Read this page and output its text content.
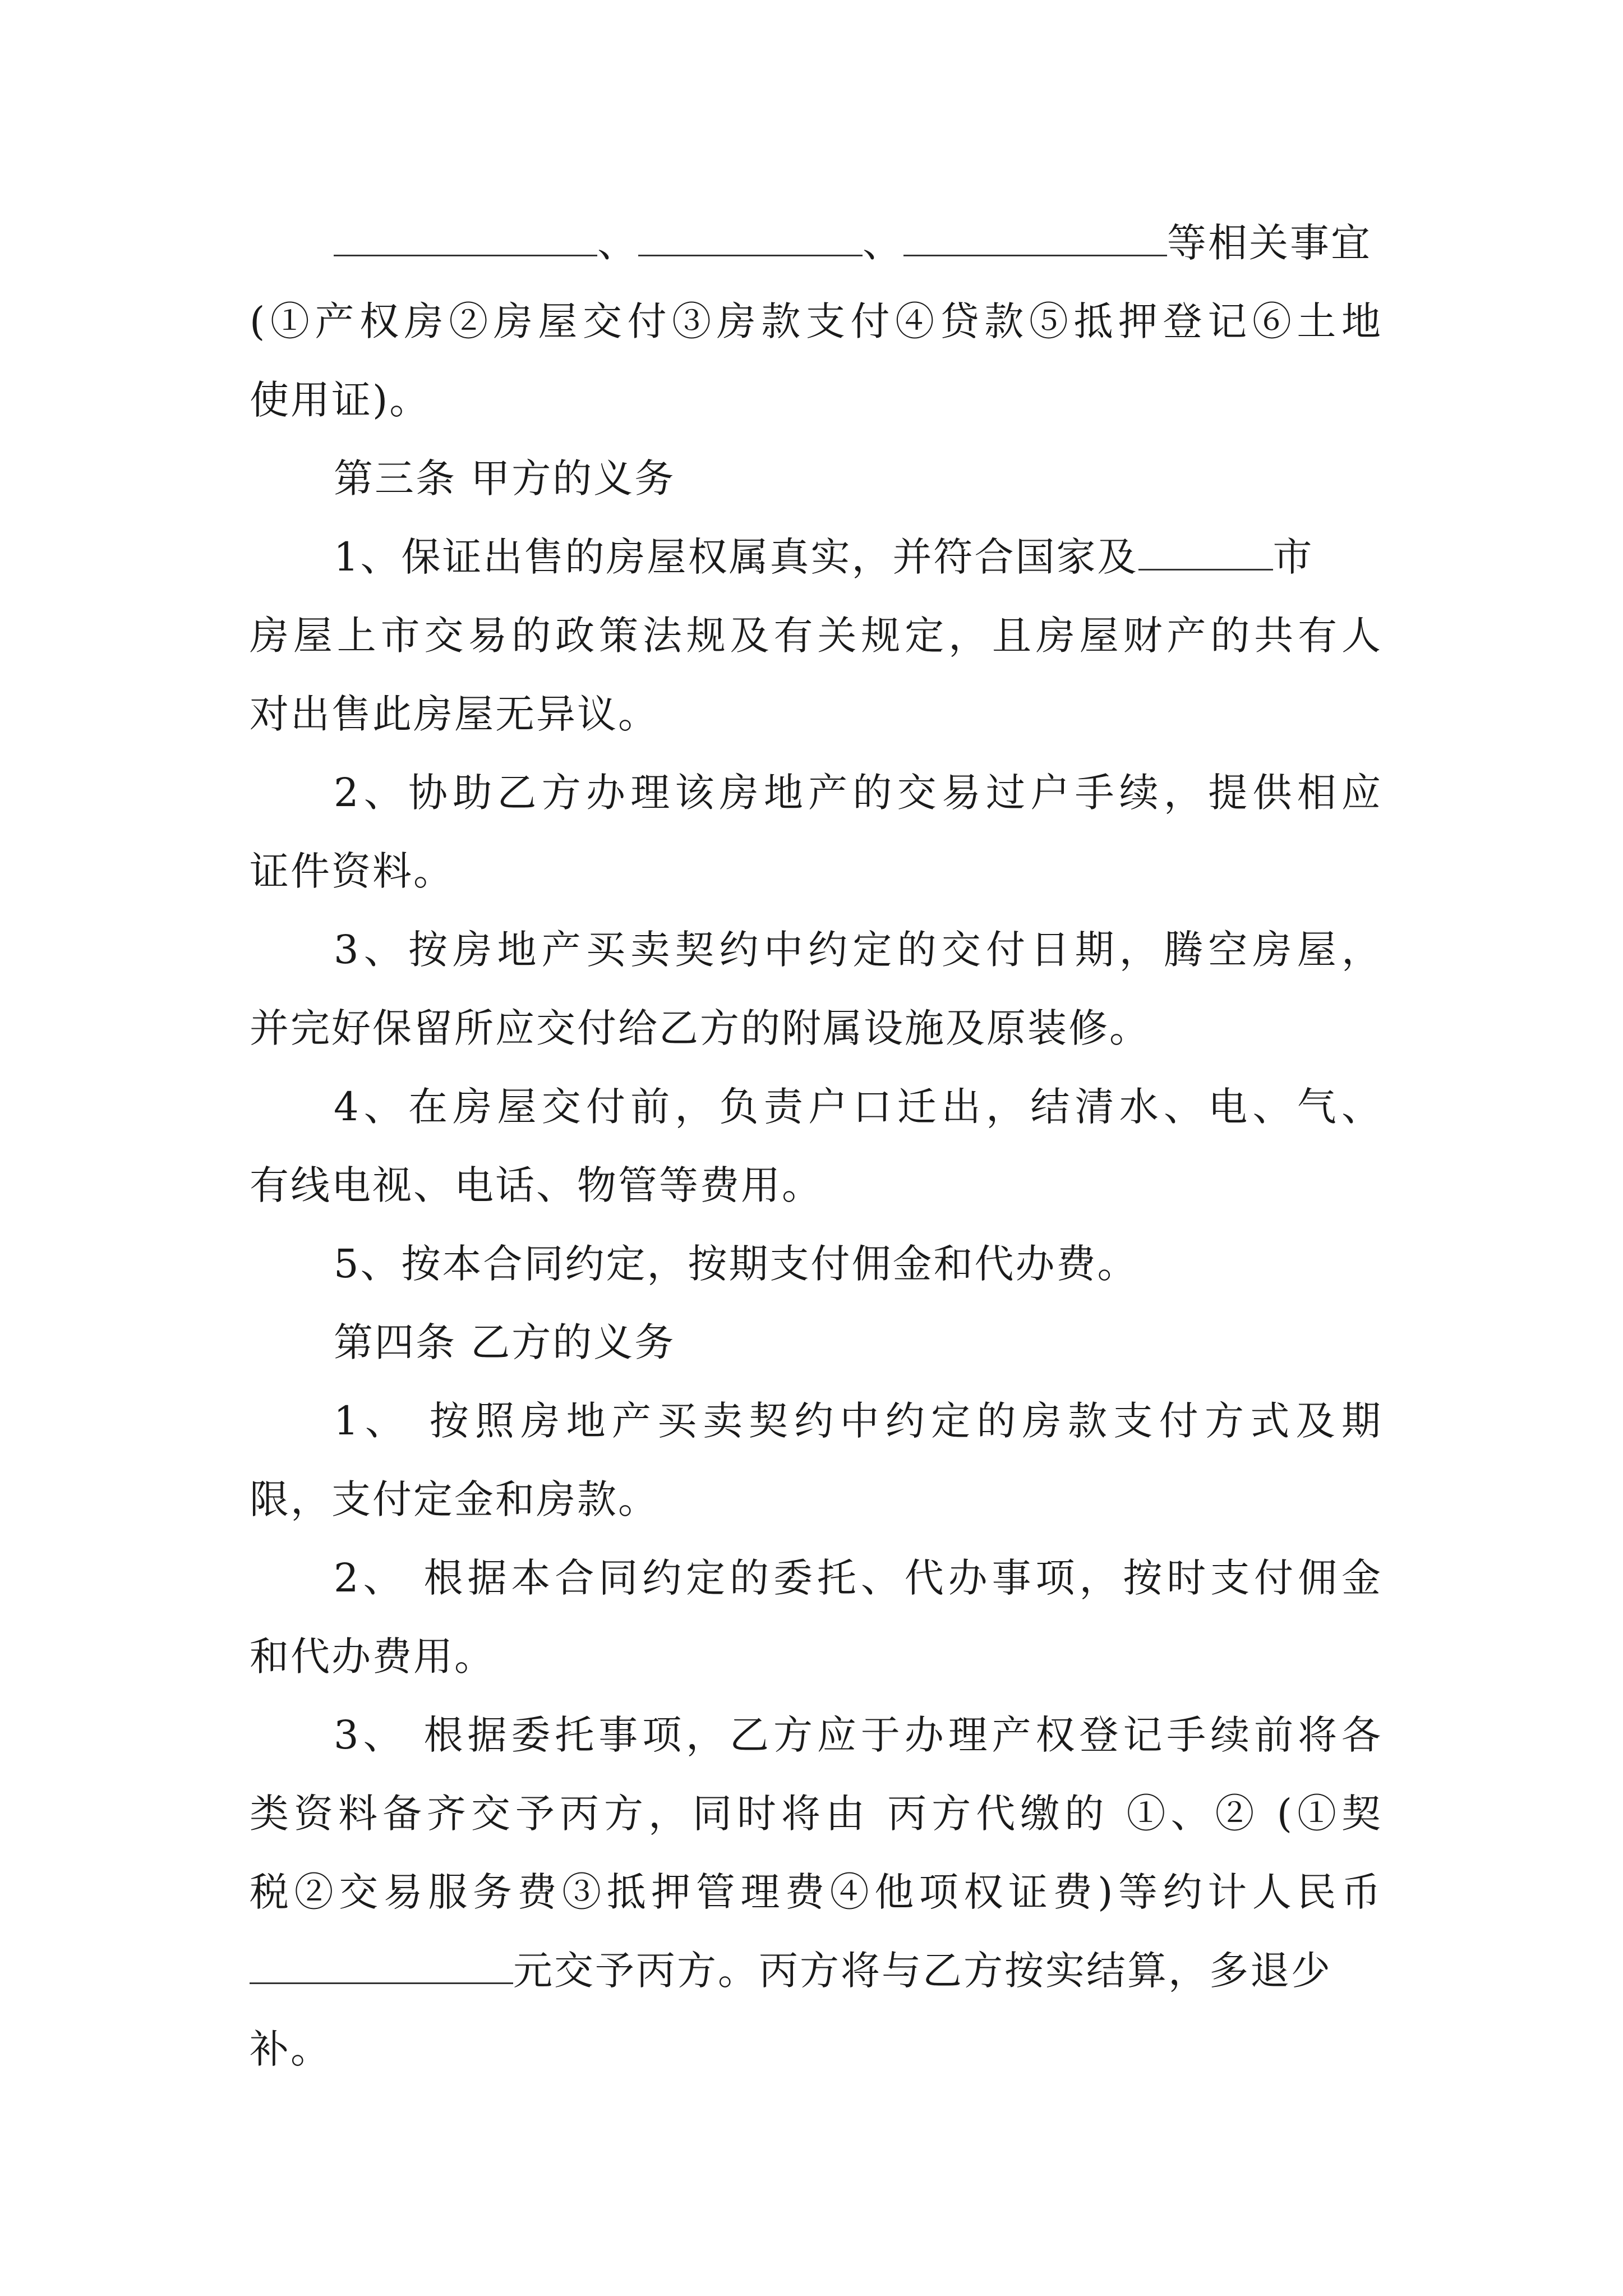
、	、	等相关事宜
(①产权房②房屋交付③房款支付④贷款⑤抵押登记⑥土地
使用证)。
第三条 甲方的义务
1、保证出售的房屋权属真实，并符合国家及	市
房屋上市交易的政策法规及有关规定，且房屋财产的共有人
对出售此房屋无异议。
2、协助乙方办理该房地产的交易过户手续，提供相应
证件资料。
3、按房地产买卖契约中约定的交付日期，腾空房屋，
并完好保留所应交付给乙方的附属设施及原装修。
4、在房屋交付前，负责户口迁出，结清水、电、气、
有线电视、电话、物管等费用。
5、按本合同约定，按期支付佣金和代办费。
第四条 乙方的义务
1、 按照房地产买卖契约中约定的房款支付方式及期
限，支付定金和房款。
2、 根据本合同约定的委托、代办事项，按时支付佣金
和代办费用。
3、 根据委托事项，乙方应于办理产权登记手续前将各
类资料备齐交予丙方，同时将由 丙方代缴的 ①、② (①契
税②交易服务费③抵押管理费④他项权证费)等约计人民币
元交予丙方。丙方将与乙方按实结算，多退少
补。
